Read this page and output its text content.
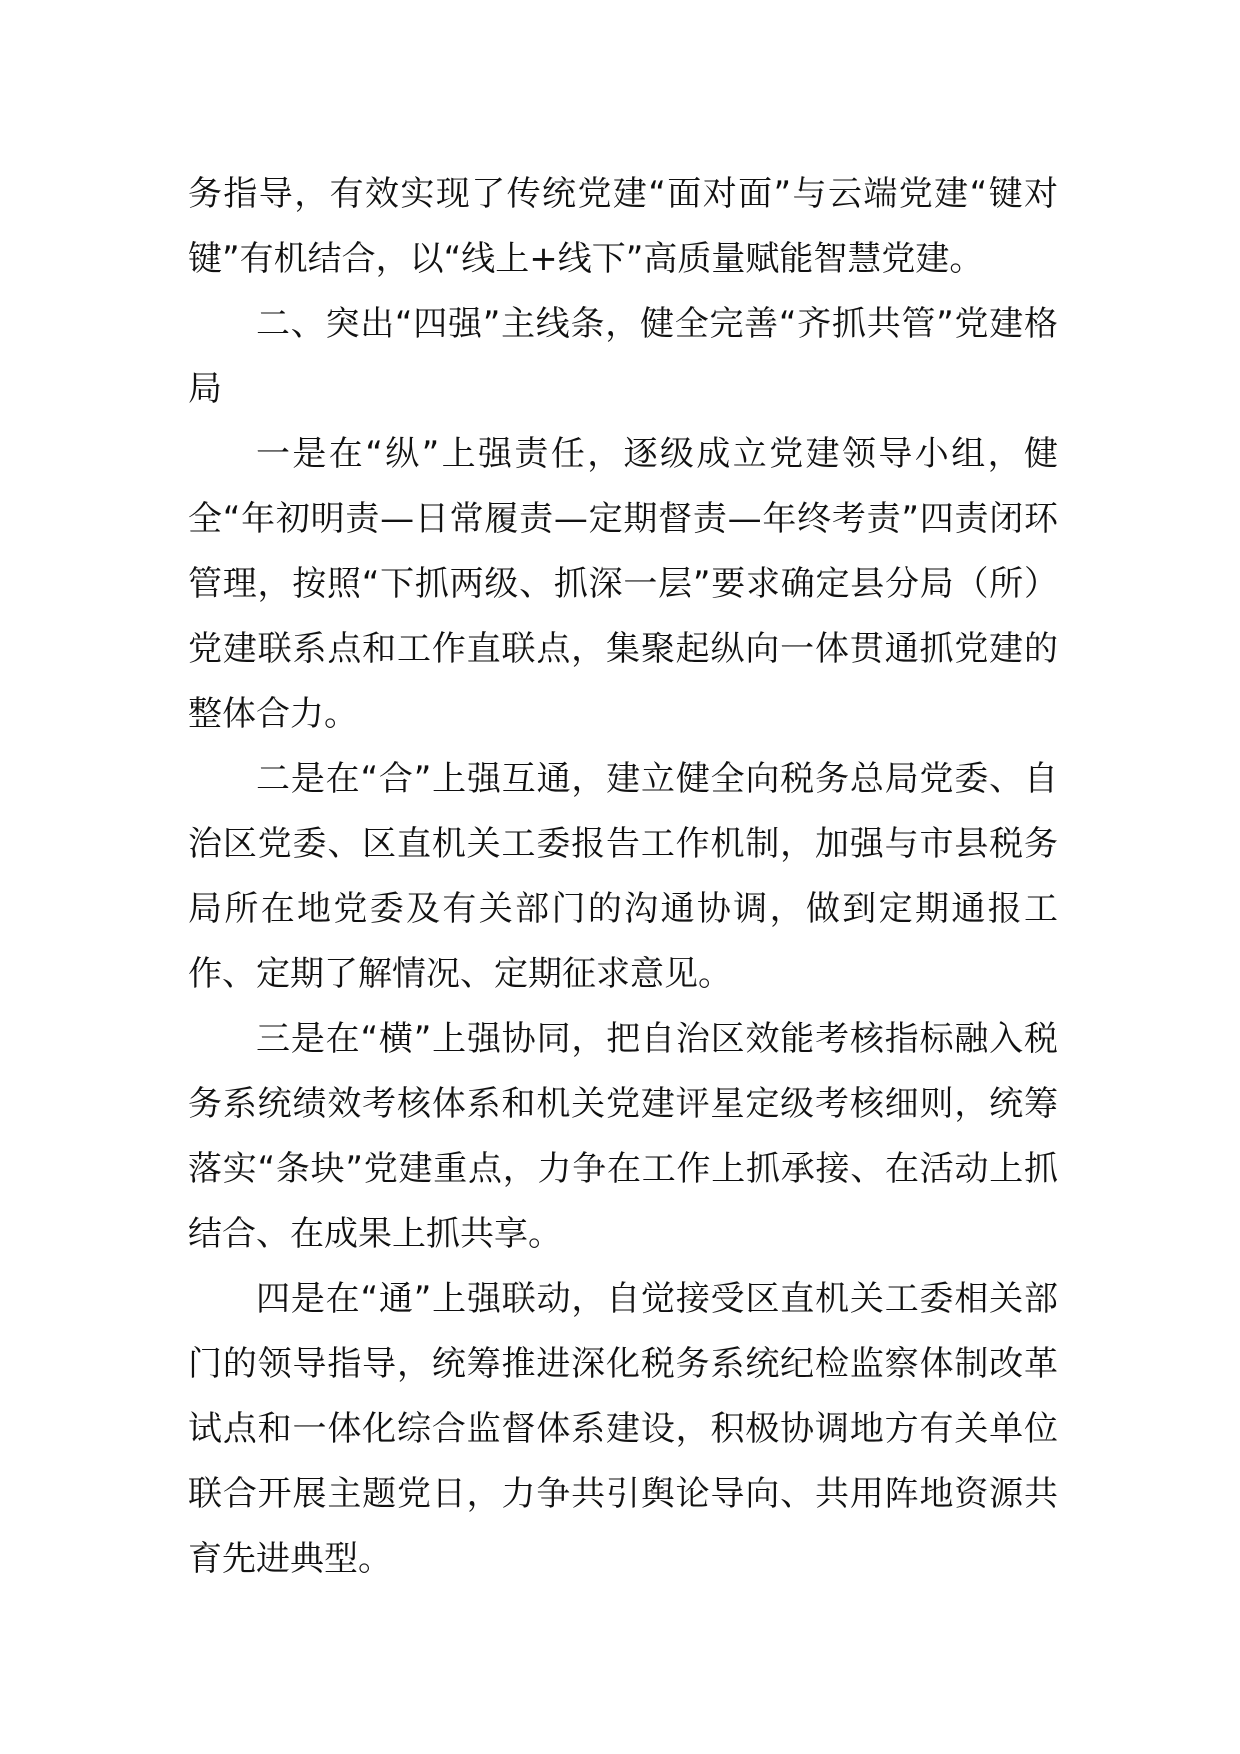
务指导，有效实现了传统党建“面对面”与云端党建“键对键”有机结合，以“线上+线下”高质量赋能智慧党建。

二、突出“四强”主线条，健全完善“齐抓共管”党建格局

一是在“纵”上强责任，逐级成立党建领导小组，健全“年初明责—日常履责—定期督责—年终考责”四责闭环管理，按照“下抓两级、抓深一层”要求确定县分局（所）党建联系点和工作直联点，集聚起纵向一体贯通抓党建的整体合力。

二是在“合”上强互通，建立健全向税务总局党委、自治区党委、区直机关工委报告工作机制，加强与市县税务局所在地党委及有关部门的沟通协调，做到定期通报工作、定期了解情况、定期征求意见。

三是在“横”上强协同，把自治区效能考核指标融入税务系统绩效考核体系和机关党建评星定级考核细则，统筹落实“条块”党建重点，力争在工作上抓承接、在活动上抓结合、在成果上抓共享。

四是在“通”上强联动，自觉接受区直机关工委相关部门的领导指导，统筹推进深化税务系统纪检监察体制改革试点和一体化综合监督体系建设，积极协调地方有关单位联合开展主题党日，力争共引舆论导向、共用阵地资源共育先进典型。
